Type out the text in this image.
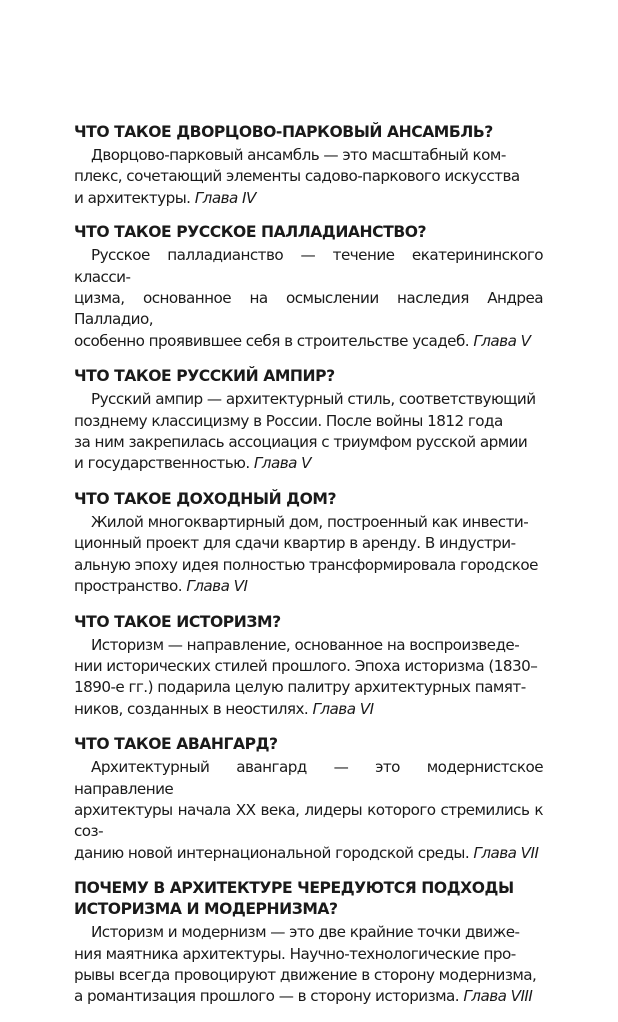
ЧТО ТАКОЕ ДВОРЦОВО-ПАРКОВЫЙ АНСАМБЛЬ?

Дворцово-парковый ансамбль — это масштабный ком-
плекс, сочетающий элементы садово-паркового искусства
и архитектуры. Глава IV

ЧТО ТАКОЕ РУССКОЕ ПАЛЛАДИАНСТВО?

Русское палладианство — течение екатерининского класси-
цизма, основанное на осмыслении наследия Андреа Палладио,
особенно проявившее себя в строительстве усадеб. Глава V

ЧТО ТАКОЕ РУССКИЙ АМПИР?

Русский ампир — архитектурный стиль, соответствующий
позднему классицизму в России. После войны 1812 года
за ним закрепилась ассоциация с триумфом русской армии
и государственностью. Глава V

ЧТО ТАКОЕ ДОХОДНЫЙ ДОМ?

Жилой многоквартирный дом, построенный как инвести-
ционный проект для сдачи квартир в аренду. В индустри-
альную эпоху идея полностью трансформировала городское
пространство. Глава VI

ЧТО ТАКОЕ ИСТОРИЗМ?

Историзм — направление, основанное на воспроизведе-
нии исторических стилей прошлого. Эпоха историзма (1830–
1890-е гг.) подарила целую палитру архитектурных памят-
ников, созданных в неостилях. Глава VI

ЧТО ТАКОЕ АВАНГАРД?

Архитектурный авангард — это модернистское направление
архитектуры начала XX века, лидеры которого стремились к соз-
данию новой интернациональной городской среды. Глава VII

ПОЧЕМУ В АРХИТЕКТУРЕ ЧЕРЕДУЮТСЯ ПОДХОДЫ
ИСТОРИЗМА И МОДЕРНИЗМА?

Историзм и модернизм — это две крайние точки движе-
ния маятника архитектуры. Научно-технологические про-
рывы всегда провоцируют движение в сторону модернизма,
а романтизация прошлого — в сторону историзма. Глава VIII
